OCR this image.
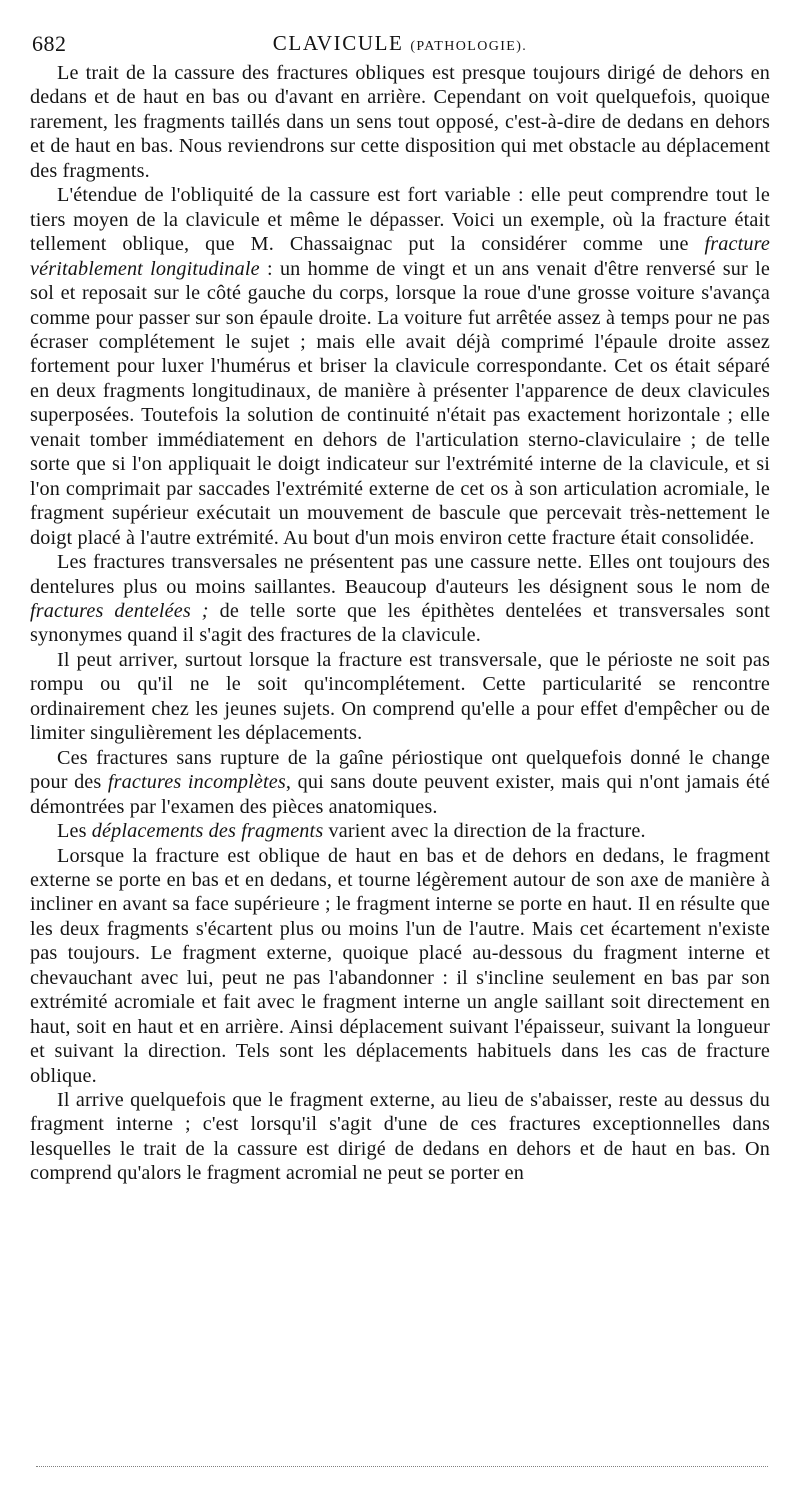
682	CLAVICULE (PATHOLOGIE).

Le trait de la cassure des fractures obliques est presque toujours dirigé de dehors en dedans et de haut en bas ou d'avant en arrière. Cependant on voit quelquefois, quoique rarement, les fragments taillés dans un sens tout opposé, c'est-à-dire de dedans en dehors et de haut en bas. Nous reviendrons sur cette disposition qui met obstacle au déplacement des fragments.

L'étendue de l'obliquité de la cassure est fort variable : elle peut comprendre tout le tiers moyen de la clavicule et même le dépasser. Voici un exemple, où la fracture était tellement oblique, que M. Chassaignac put la considérer comme une fracture véritablement longitudinale : un homme de vingt et un ans venait d'être renversé sur le sol et reposait sur le côté gauche du corps, lorsque la roue d'une grosse voiture s'avança comme pour passer sur son épaule droite. La voiture fut arrêtée assez à temps pour ne pas écraser complétement le sujet ; mais elle avait déjà comprimé l'épaule droite assez fortement pour luxer l'humérus et briser la clavicule correspondante. Cet os était séparé en deux fragments longitudinaux, de manière à présenter l'apparence de deux clavicules superposées. Toutefois la solution de continuité n'était pas exactement horizontale ; elle venait tomber immédiatement en dehors de l'articulation sterno-claviculaire ; de telle sorte que si l'on appliquait le doigt indicateur sur l'extrémité interne de la clavicule, et si l'on comprimait par saccades l'extrémité externe de cet os à son articulation acromiale, le fragment supérieur exécutait un mouvement de bascule que percevait très-nettement le doigt placé à l'autre extrémité. Au bout d'un mois environ cette fracture était consolidée.

Les fractures transversales ne présentent pas une cassure nette. Elles ont toujours des dentelures plus ou moins saillantes. Beaucoup d'auteurs les désignent sous le nom de fractures dentelées ; de telle sorte que les épithètes dentelées et transversales sont synonymes quand il s'agit des fractures de la clavicule.

Il peut arriver, surtout lorsque la fracture est transversale, que le périoste ne soit pas rompu ou qu'il ne le soit qu'incomplétement. Cette particularité se rencontre ordinairement chez les jeunes sujets. On comprend qu'elle a pour effet d'empêcher ou de limiter singulièrement les déplacements.

Ces fractures sans rupture de la gaîne périostique ont quelquefois donné le change pour des fractures incomplètes, qui sans doute peuvent exister, mais qui n'ont jamais été démontrées par l'examen des pièces anatomiques.

Les déplacements des fragments varient avec la direction de la fracture.

Lorsque la fracture est oblique de haut en bas et de dehors en dedans, le fragment externe se porte en bas et en dedans, et tourne légèrement autour de son axe de manière à incliner en avant sa face supérieure ; le fragment interne se porte en haut. Il en résulte que les deux fragments s'écartent plus ou moins l'un de l'autre. Mais cet écartement n'existe pas toujours. Le fragment externe, quoique placé au-dessous du fragment interne et chevauchant avec lui, peut ne pas l'abandonner : il s'incline seulement en bas par son extrémité acromiale et fait avec le fragment interne un angle saillant soit directement en haut, soit en haut et en arrière. Ainsi déplacement suivant l'épaisseur, suivant la longueur et suivant la direction. Tels sont les déplacements habituels dans les cas de fracture oblique.

Il arrive quelquefois que le fragment externe, au lieu de s'abaisser, reste au dessus du fragment interne ; c'est lorsqu'il s'agit d'une de ces fractures exceptionnelles dans lesquelles le trait de la cassure est dirigé de dedans en dehors et de haut en bas. On comprend qu'alors le fragment acromial ne peut se porter en
